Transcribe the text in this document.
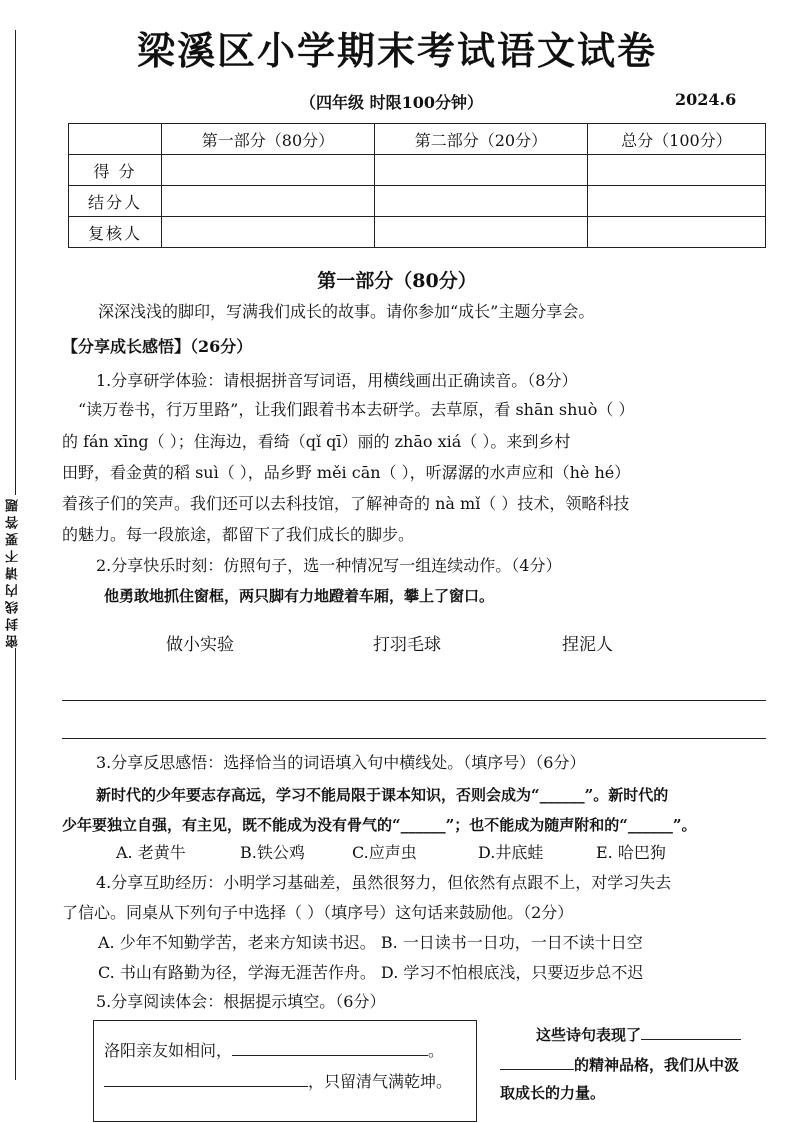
密封线内请不要答题
梁溪区小学期末考试语文试卷
（四年级 时限100分钟）	2024.6
	第一部分（80分）	第二部分（20分）	总分（100分）
得 分			
结分人			
复核人			
第一部分（80分）
深深浅浅的脚印，写满我们成长的故事。请你参加“成长”主题分享会。
【分享成长感悟】（26分）
1.分享研学体验：请根据拼音写词语，用横线画出正确读音。（8分）
“读万卷书，行万里路”，让我们跟着书本去研学。去草原，看 shān shuò（ ）
的 fán xīng（ ）；住海边，看绮（qǐ qī）丽的 zhāo xiá（ ）。来到乡村
田野，看金黄的稻 suì（ ），品乡野 měi cān（ ），听潺潺的水声应和（hè hé）
着孩子们的笑声。我们还可以去科技馆，了解神奇的 nà mǐ（ ）技术，领略科技
的魅力。每一段旅途，都留下了我们成长的脚步。
2.分享快乐时刻：仿照句子，选一种情况写一组连续动作。（4分）
他勇敢地抓住窗框，两只脚有力地蹬着车厢，攀上了窗口。
做小实验	打羽毛球	捏泥人
3.分享反思感悟：选择恰当的词语填入句中横线处。（填序号）（6分）
新时代的少年要志存高远，学习不能局限于课本知识，否则会成为“______”。新时代的
少年要独立自强，有主见，既不能成为没有骨气的“______”；也不能成为随声附和的“______”。
A. 老黄牛	B.铁公鸡	C.应声虫	D.井底蛙	E. 哈巴狗
4.分享互助经历：小明学习基础差，虽然很努力，但依然有点跟不上，对学习失去
了信心。同桌从下列句子中选择（ ）（填序号）这句话来鼓励他。（2分）
A. 少年不知勤学苦，老来方知读书迟。 B. 一日读书一日功，一日不读十日空
C. 书山有路勤为径，学海无涯苦作舟。 D. 学习不怕根底浅，只要迈步总不迟
5.分享阅读体会：根据提示填空。（6分）
洛阳亲友如相问，	。
，只留清气满乾坤。
这些诗句表现了
的精神品格，我们从中汲
取成长的力量。
